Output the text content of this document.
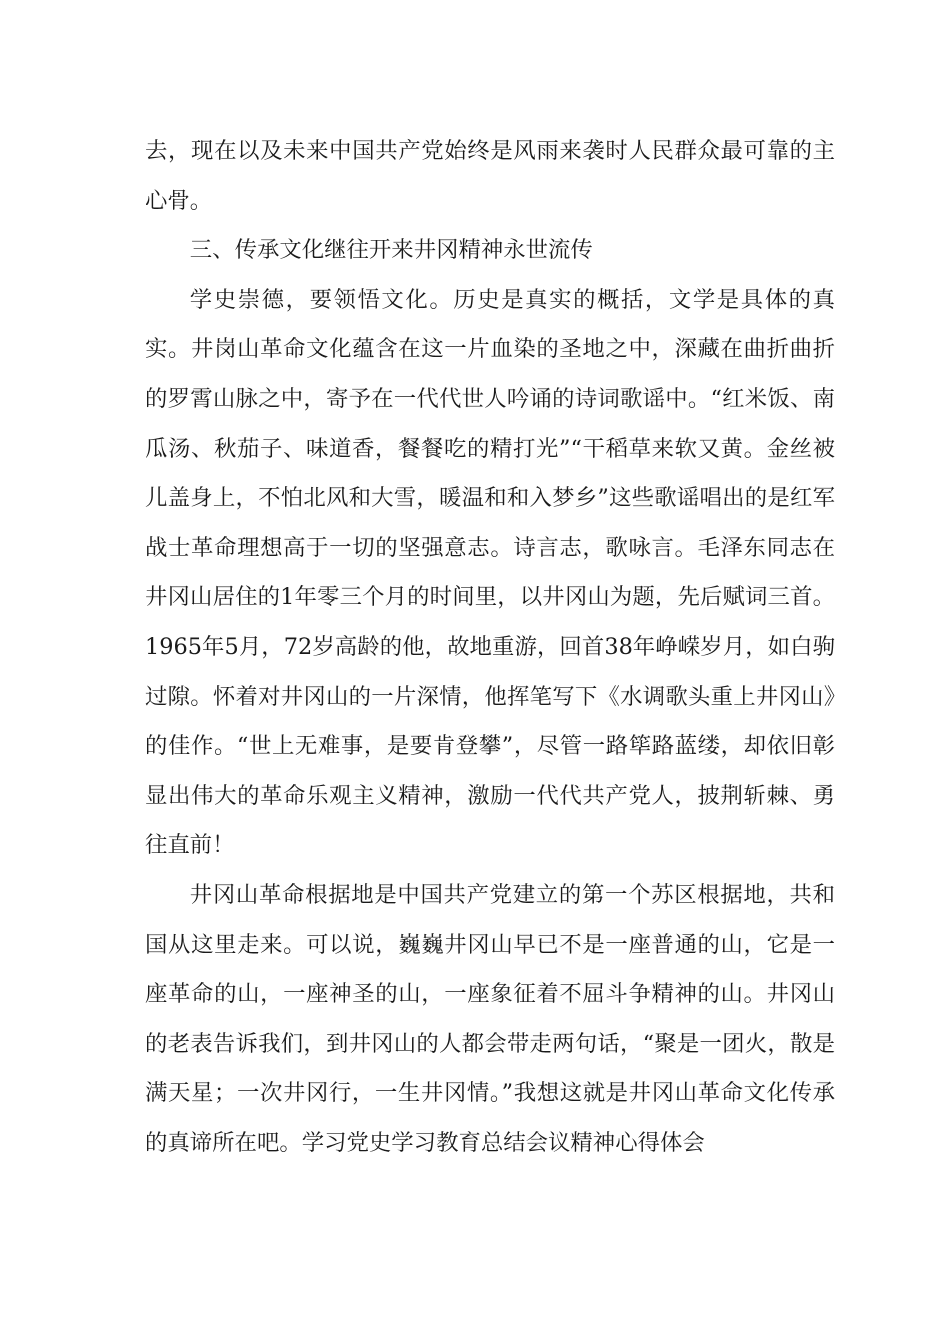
去，现在以及未来中国共产党始终是风雨来袭时人民群众最可靠的主心骨。

三、传承文化继往开来井冈精神永世流传

学史崇德，要领悟文化。历史是真实的概括，文学是具体的真实。井岗山革命文化蕴含在这一片血染的圣地之中，深藏在曲折曲折的罗霄山脉之中，寄予在一代代世人吟诵的诗词歌谣中。“红米饭、南瓜汤、秋茄子、味道香，餐餐吃的精打光”“干稻草来软又黄。金丝被儿盖身上，不怕北风和大雪，暖温和和入梦乡”这些歌谣唱出的是红军战士革命理想高于一切的坚强意志。诗言志，歌咏言。毛泽东同志在井冈山居住的1年零三个月的时间里，以井冈山为题，先后赋词三首。1965年5月，72岁高龄的他，故地重游，回首38年峥嵘岁月，如白驹过隙。怀着对井冈山的一片深情，他挥笔写下《水调歌头重上井冈山》的佳作。“世上无难事，是要肯登攀”，尽管一路筚路蓝缕，却依旧彰显出伟大的革命乐观主义精神，激励一代代共产党人，披荆斩棘、勇往直前！

井冈山革命根据地是中国共产党建立的第一个苏区根据地，共和国从这里走来。可以说，巍巍井冈山早已不是一座普通的山，它是一座革命的山，一座神圣的山，一座象征着不屈斗争精神的山。井冈山的老表告诉我们，到井冈山的人都会带走两句话，“聚是一团火，散是满天星；一次井冈行，一生井冈情。”我想这就是井冈山革命文化传承的真谛所在吧。学习党史学习教育总结会议精神心得体会
